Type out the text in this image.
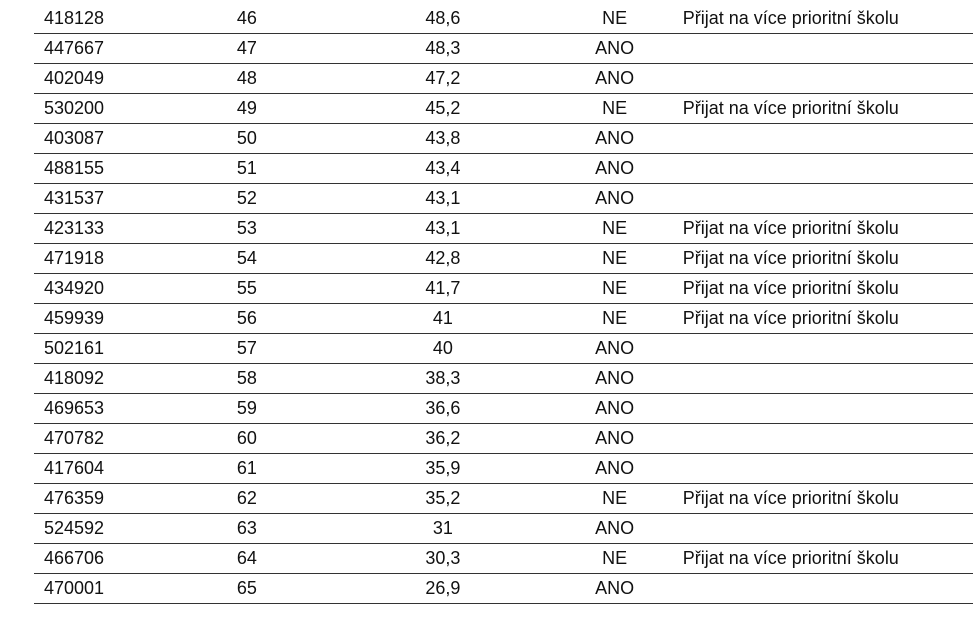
418128	46	48,6	NE	Přijat na více prioritní školu
447667	47	48,3	ANO	
402049	48	47,2	ANO	
530200	49	45,2	NE	Přijat na více prioritní školu
403087	50	43,8	ANO	
488155	51	43,4	ANO	
431537	52	43,1	ANO	
423133	53	43,1	NE	Přijat na více prioritní školu
471918	54	42,8	NE	Přijat na více prioritní školu
434920	55	41,7	NE	Přijat na více prioritní školu
459939	56	41	NE	Přijat na více prioritní školu
502161	57	40	ANO	
418092	58	38,3	ANO	
469653	59	36,6	ANO	
470782	60	36,2	ANO	
417604	61	35,9	ANO	
476359	62	35,2	NE	Přijat na více prioritní školu
524592	63	31	ANO	
466706	64	30,3	NE	Přijat na více prioritní školu
470001	65	26,9	ANO	
